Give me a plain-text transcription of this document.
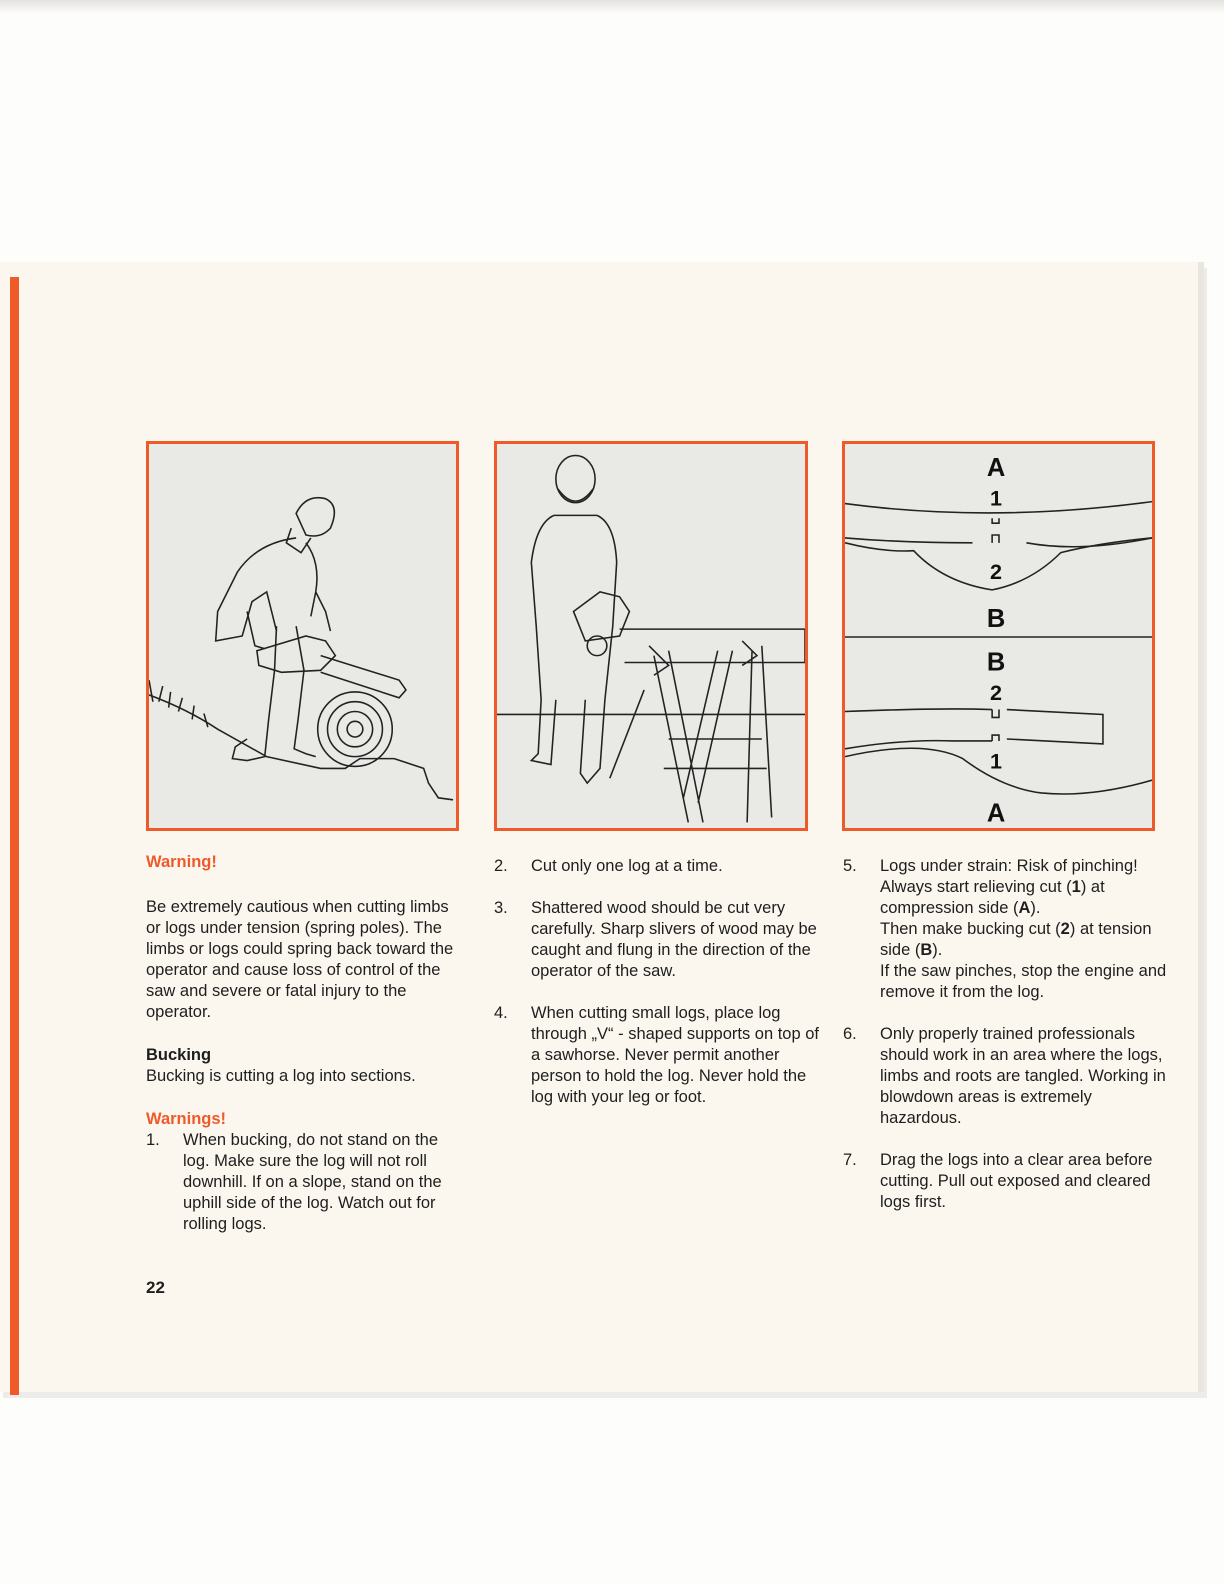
A
1
2
B
B
2
1
A

Warning!

Be extremely cautious when cutting limbs or logs under tension (spring poles). The limbs or logs could spring back toward the operator and cause loss of control of the saw and severe or fatal injury to the operator.

Bucking

Bucking is cutting a log into sections.

Warnings!

1. When bucking, do not stand on the log. Make sure the log will not roll downhill. If on a slope, stand on the uphill side of the log. Watch out for rolling logs.
2. Cut only one log at a time.
3. Shattered wood should be cut very carefully. Sharp slivers of wood may be caught and flung in the direction of the operator of the saw.
4. When cutting small logs, place log through „V“ - shaped supports on top of a sawhorse. Never permit another person to hold the log. Never hold the log with your leg or foot.
5. Logs under strain: Risk of pinching!

Always start relieving cut (1) at compression side (A).

Then make bucking cut (2) at tension side (B).

If the saw pinches, stop the engine and remove it from the log.

6. Only properly trained professionals should work in an area where the logs, limbs and roots are tangled. Working in blowdown areas is extremely hazardous.
7. Drag the logs into a clear area before cutting. Pull out exposed and cleared logs first.
22
